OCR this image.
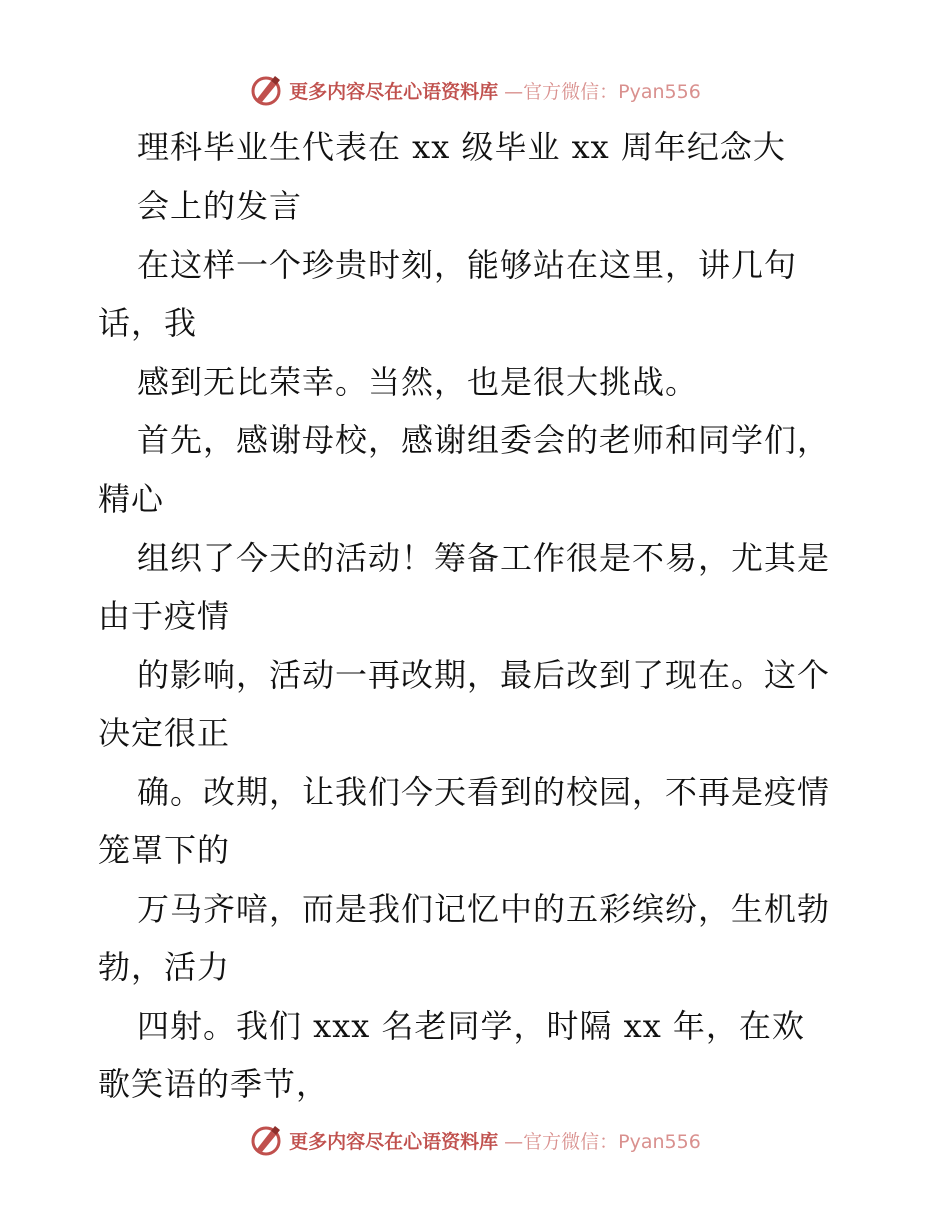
更多内容尽在心语资料库 —官方微信：Pyan556
理科毕业生代表在 xx 级毕业 xx 周年纪念大
会上的发言
在这样一个珍贵时刻，能够站在这里，讲几句
话，我
感到无比荣幸。当然，也是很大挑战。
首先，感谢母校，感谢组委会的老师和同学们，
精心
组织了今天的活动！筹备工作很是不易，尤其是
由于疫情
的影响，活动一再改期，最后改到了现在。这个
决定很正
确。改期，让我们今天看到的校园，不再是疫情
笼罩下的
万马齐喑，而是我们记忆中的五彩缤纷，生机勃
勃，活力
四射。我们 xxx 名老同学，时隔 xx 年，在欢
歌笑语的季节，
更多内容尽在心语资料库 —官方微信：Pyan556
